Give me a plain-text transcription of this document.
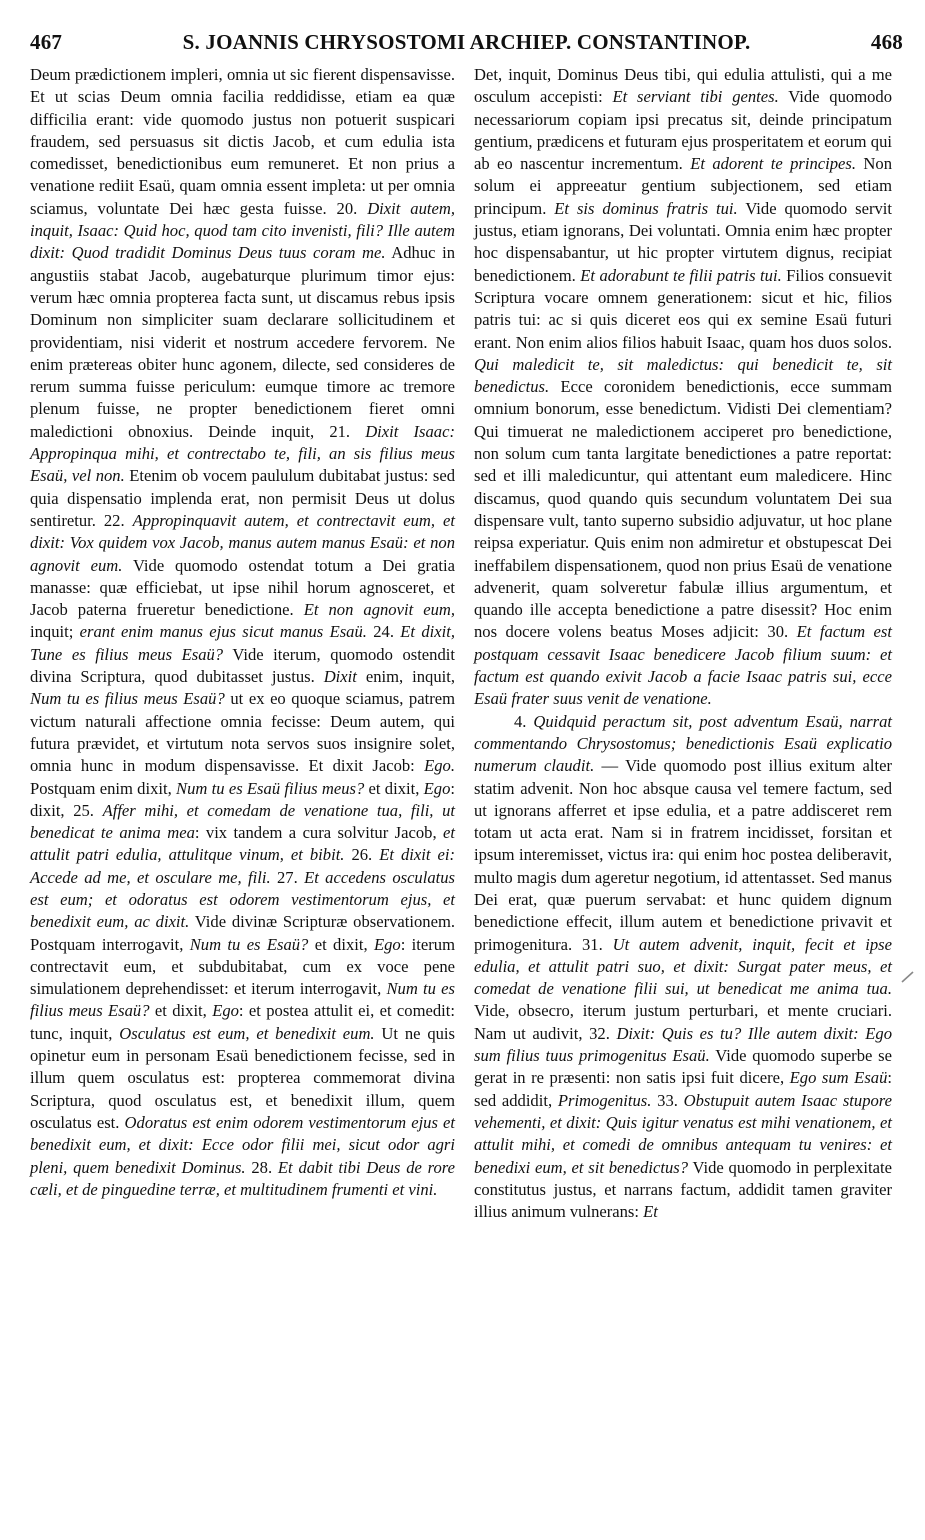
467	S. JOANNIS CHRYSOSTOMI ARCHIEP. CONSTANTINOP.	468

Deum prædictionem impleri, omnia ut sic fierent dispensavisse. Et ut scias Deum omnia facilia reddidisse, etiam ea quæ difficilia erant: vide quomodo justus non potuerit suspicari fraudem, sed persuasus sit dictis Jacob, et cum edulia ista comedisset, benedictionibus eum remuneret. Et non prius a venatione rediit Esaü, quam omnia essent impleta: ut per omnia sciamus, voluntate Dei hæc gesta fuisse. 20. Dixit autem, inquit, Isaac: Quid hoc, quod tam cito invenisti, fili? Ille autem dixit: Quod tradidit Dominus Deus tuus coram me. Adhuc in angustiis stabat Jacob, augebaturque plurimum timor ejus: verum hæc omnia propterea facta sunt, ut discamus rebus ipsis Dominum non simpliciter suam declarare sollicitudinem et providentiam, nisi viderit et nostrum accedere fervorem. Ne enim prætereas obiter hunc agonem, dilecte, sed consideres de rerum summa fuisse periculum: eumque timore ac tremore plenum fuisse, ne propter benedictionem fieret omni maledictioni obnoxius. Deinde inquit, 21. Dixit Isaac: Appropinqua mihi, et contrectabo te, fili, an sis filius meus Esaü, vel non. Etenim ob vocem paululum dubitabat justus: sed quia dispensatio implenda erat, non permisit Deus ut dolus sentiretur. 22. Appropinquavit autem, et contrectavit eum, et dixit: Vox quidem vox Jacob, manus autem manus Esaü: et non agnovit eum. Vide quomodo ostendat totum a Dei gratia manasse: quæ efficiebat, ut ipse nihil horum agnosceret, et Jacob paterna frueretur benedictione. Et non agnovit eum, inquit; erant enim manus ejus sicut manus Esaü. 24. Et dixit, Tune es filius meus Esaü? Vide iterum, quomodo ostendit divina Scriptura, quod dubitasset justus. Dixit enim, inquit, Num tu es filius meus Esaü? ut ex eo quoque sciamus, patrem victum naturali affectione omnia fecisse: Deum autem, qui futura prævidet, et virtutum nota servos suos insignire solet, omnia hunc in modum dispensavisse. Et dixit Jacob: Ego. Postquam enim dixit, Num tu es Esaü filius meus? et dixit, Ego: dixit, 25. Affer mihi, et comedam de venatione tua, fili, ut benedicat te anima mea: vix tandem a cura solvitur Jacob, et attulit patri edulia, attulitque vinum, et bibit. 26. Et dixit ei: Accede ad me, et osculare me, fili. 27. Et accedens osculatus est eum; et odoratus est odorem vestimentorum ejus, et benedixit eum, ac dixit. Vide divinæ Scripturæ observationem. Postquam interrogavit, Num tu es Esaü? et dixit, Ego: iterum contrectavit eum, et subdubitabat, cum ex voce pene simulationem deprehendisset: et iterum interrogavit, Num tu es filius meus Esaü? et dixit, Ego: et postea attulit ei, et comedit: tunc, inquit, Osculatus est eum, et benedixit eum. Ut ne quis opinetur eum in personam Esaü benedictionem fecisse, sed in illum quem osculatus est: propterea commemorat divina Scriptura, quod osculatus est, et benedixit illum, quem osculatus est. Odoratus est enim odorem vestimentorum ejus et benedixit eum, et dixit: Ecce odor filii mei, sicut odor agri pleni, quem benedixit Dominus. 28. Et dabit tibi Deus de rore cæli, et de pinguedine terræ, et multitudinem frumenti et vini.

Det, inquit, Dominus Deus tibi, qui edulia attulisti, qui a me osculum accepisti: Et serviant tibi gentes. Vide quomodo necessariorum copiam ipsi precatus sit, deinde principatum gentium, prædicens et futuram ejus prosperitatem et eorum qui ab eo nascentur incrementum. Et adorent te principes. Non solum ei appreeatur gentium subjectionem, sed etiam principum. Et sis dominus fratris tui. Vide quomodo servit justus, etiam ignorans, Dei voluntati. Omnia enim hæc propter hoc dispensabantur, ut hic propter virtutem dignus, recipiat benedictionem. Et adorabunt te filii patris tui. Filios consuevit Scriptura vocare omnem generationem: sicut et hic, filios patris tui: ac si quis diceret eos qui ex semine Esaü futuri erant. Non enim alios filios habuit Isaac, quam hos duos solos. Qui maledicit te, sit maledictus: qui benedicit te, sit benedictus. Ecce coronidem benedictionis, ecce summam omnium bonorum, esse benedictum. Vidisti Dei clementiam? Qui timuerat ne maledictionem acciperet pro benedictione, non solum cum tanta largitate benedictiones a patre reportat: sed et illi maledicuntur, qui attentant eum maledicere. Hinc discamus, quod quando quis secundum voluntatem Dei sua dispensare vult, tanto superno subsidio adjuvatur, ut hoc plane reipsa experiatur. Quis enim non admiretur et obstupescat Dei ineffabilem dispensationem, quod non prius Esaü de venatione advenerit, quam solveretur fabulæ illius argumentum, et quando ille accepta benedictione a patre disessit? Hoc enim nos docere volens beatus Moses adjicit: 30. Et factum est postquam cessavit Isaac benedicere Jacob filium suum: et factum est quando exivit Jacob a facie Isaac patris sui, ecce Esaü frater suus venit de venatione.

4. Quidquid peractum sit, post adventum Esaü, narrat commentando Chrysostomus; benedictionis Esaü explicatio numerum claudit. — Vide quomodo post illius exitum alter statim advenit. Non hoc absque causa vel temere factum, sed ut ignorans afferret et ipse edulia, et a patre addisceret rem totam ut acta erat. Nam si in fratrem incidisset, forsitan et ipsum interemisset, victus ira: qui enim hoc postea deliberavit, multo magis dum ageretur negotium, id attentasset. Sed manus Dei erat, quæ puerum servabat: et hunc quidem dignum benedictione effecit, illum autem et benedictione privavit et primogenitura. 31. Ut autem advenit, inquit, fecit et ipse edulia, et attulit patri suo, et dixit: Surgat pater meus, et comedat de venatione filii sui, ut benedicat me anima tua. Vide, obsecro, iterum justum perturbari, et mente cruciari. Nam ut audivit, 32. Dixit: Quis es tu? Ille autem dixit: Ego sum filius tuus primogenitus Esaü. Vide quomodo superbe se gerat in re præsenti: non satis ipsi fuit dicere, Ego sum Esaü: sed addidit, Primogenitus. 33. Obstupuit autem Isaac stupore vehementi, et dixit: Quis igitur venatus est mihi venationem, et attulit mihi, et comedi de omnibus antequam tu venires: et benedixi eum, et sit benedictus? Vide quomodo in perplexitate constitutus justus, et narrans factum, addidit tamen graviter illius animum vulnerans: Et
